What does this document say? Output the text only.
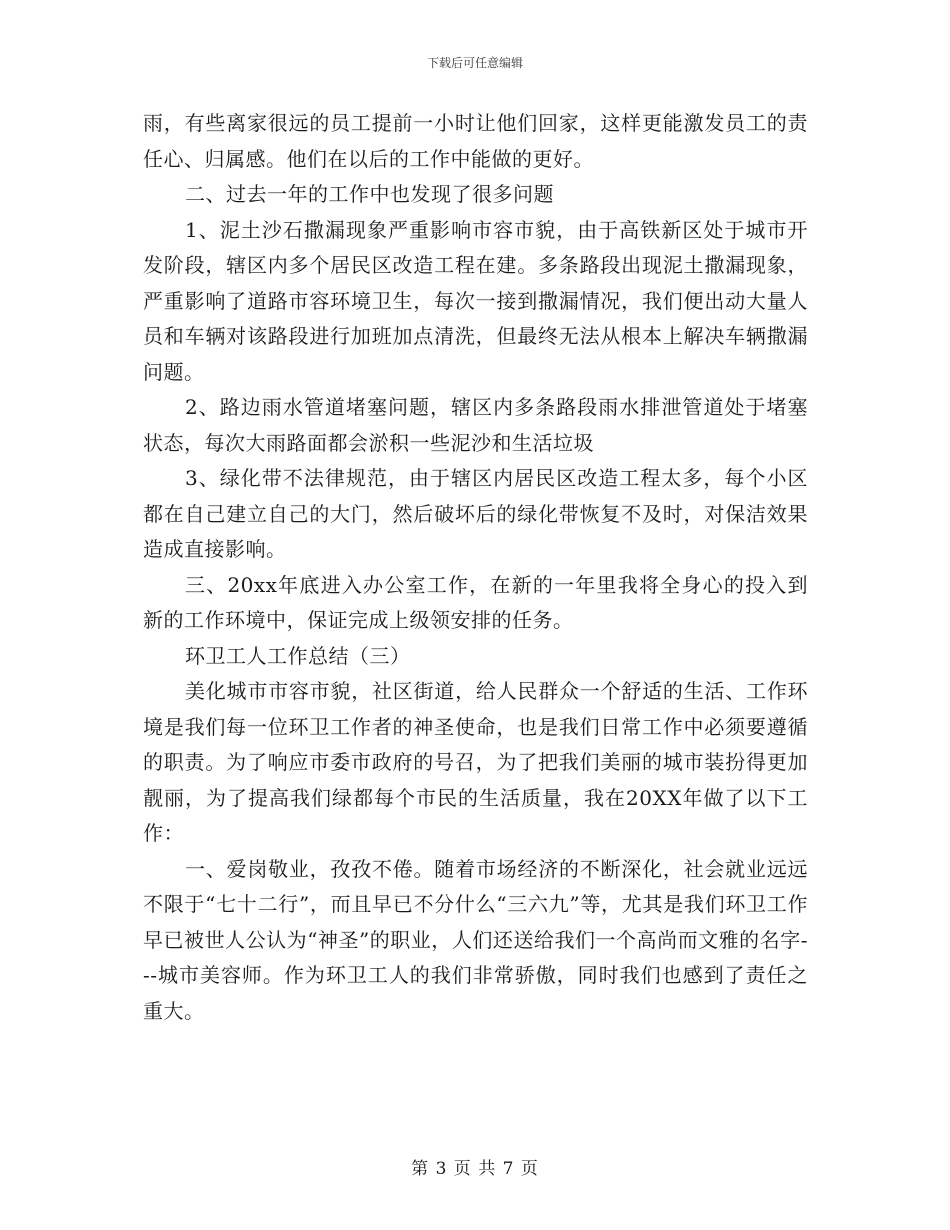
下载后可任意编辑

雨，有些离家很远的员工提前一小时让他们回家，这样更能激发员工的责任心、归属感。他们在以后的工作中能做的更好。

二、过去一年的工作中也发现了很多问题

1、泥土沙石撒漏现象严重影响市容市貌，由于高铁新区处于城市开发阶段，辖区内多个居民区改造工程在建。多条路段出现泥土撒漏现象，严重影响了道路市容环境卫生，每次一接到撒漏情况，我们便出动大量人员和车辆对该路段进行加班加点清洗，但最终无法从根本上解决车辆撒漏问题。

2、路边雨水管道堵塞问题，辖区内多条路段雨水排泄管道处于堵塞状态，每次大雨路面都会淤积一些泥沙和生活垃圾

3、绿化带不法律规范，由于辖区内居民区改造工程太多，每个小区都在自己建立自己的大门，然后破坏后的绿化带恢复不及时，对保洁效果造成直接影响。

三、20xx年底进入办公室工作，在新的一年里我将全身心的投入到新的工作环境中，保证完成上级领安排的任务。

环卫工人工作总结（三）

美化城市市容市貌，社区街道，给人民群众一个舒适的生活、工作环境是我们每一位环卫工作者的神圣使命，也是我们日常工作中必须要遵循的职责。为了响应市委市政府的号召，为了把我们美丽的城市装扮得更加靓丽，为了提高我们绿都每个市民的生活质量，我在20XX年做了以下工作：

一、爱岗敬业，孜孜不倦。随着市场经济的不断深化，社会就业远远不限于“七十二行”，而且早已不分什么“三六九”等，尤其是我们环卫工作早已被世人公认为“神圣”的职业，人们还送给我们一个高尚而文雅的名字---城市美容师。作为环卫工人的我们非常骄傲，同时我们也感到了责任之重大。

第 3 页 共 7 页
